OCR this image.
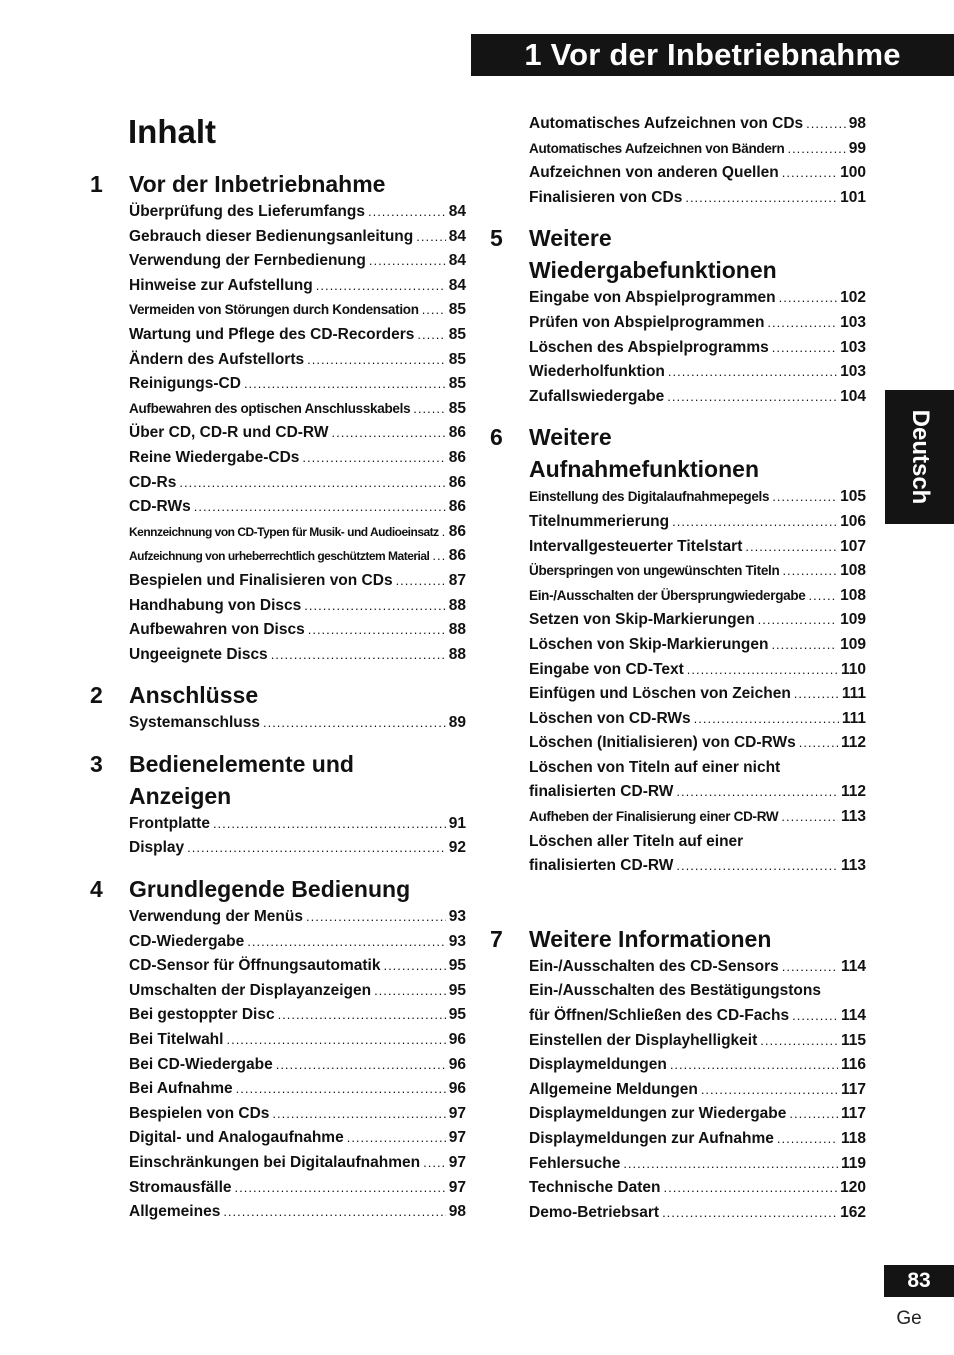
1 Vor der Inbetriebnahme
Inhalt
1	Vor der Inbetriebnahme
Überprüfung des Lieferumfangs .....	84
Gebrauch dieser Bedienungsanleitung ..... 84
Verwendung der Fernbedienung .....	84
Hinweise zur Aufstellung .....	84
Vermeiden von Störungen durch Kondensation ..... 85
Wartung und Pflege des CD-Recorders ..... 85
Ändern des Aufstellorts .....	85
Reinigungs-CD .....	85
Aufbewahren des optischen Anschlusskabels ..... 85
Über CD, CD-R und CD-RW .....	86
Reine Wiedergabe-CDs .....	86
CD-Rs .....	86
CD-RWs .....	86
Kennzeichnung von CD-Typen für Musik- und Audioeinsatz ..... 86
Aufzeichnung von urheberrechtlich geschütztem Material ..... 86
Bespielen und Finalisieren von CDs .....	87
Handhabung von Discs .....	88
Aufbewahren von Discs .....	88
Ungeeignete Discs .....	88
2	Anschlüsse
Systemanschluss .....	89
3	Bedienelemente und
Anzeigen
Frontplatte .....	91
Display .....	92
4	Grundlegende Bedienung
Verwendung der Menüs .....	93
CD-Wiedergabe .....	93
CD-Sensor für Öffnungsautomatik .....	95
Umschalten der Displayanzeigen .....	95
Bei gestoppter Disc .....	95
Bei Titelwahl .....	96
Bei CD-Wiedergabe .....	96
Bei Aufnahme .....	96
Bespielen von CDs .....	97
Digital- und Analogaufnahme .....	97
Einschränkungen bei Digitalaufnahmen ..... 97
Stromausfälle .....	97
Allgemeines .....	98
Automatisches Aufzeichnen von CDs .....	98
Automatisches Aufzeichnen von Bändern .....	99
Aufzeichnen von anderen Quellen .....	100
Finalisieren von CDs .....	101
5	Weitere
Wiedergabefunktionen
Eingabe von Abspielprogrammen .....	102
Prüfen von Abspielprogrammen .....	103
Löschen des Abspielprogramms .....	103
Wiederholfunktion .....	103
Zufallswiedergabe .....	104
6	Weitere
Aufnahmefunktionen
Einstellung des Digitalaufnahmepegels .....	105
Titelnummerierung .....	106
Intervallgesteuerter Titelstart .....	107
Überspringen von ungewünschten Titeln .....	108
Ein-/Ausschalten der Übersprungwiedergabe ..... 108
Setzen von Skip-Markierungen .....	109
Löschen von Skip-Markierungen .....	109
Eingabe von CD-Text .....	110
Einfügen und Löschen von Zeichen .....	111
Löschen von CD-RWs .....	111
Löschen (Initialisieren) von CD-RWs .....	112
Löschen von Titeln auf einer nicht
finalisierten CD-RW .....	112
Aufheben der Finalisierung einer CD-RW .....	113
Löschen aller Titeln auf einer
finalisierten CD-RW .....	113
7	Weitere Informationen
Ein-/Ausschalten des CD-Sensors .....	114
Ein-/Ausschalten des Bestätigungstons
für Öffnen/Schließen des CD-Fachs .....	114
Einstellen der Displayhelligkeit .....	115
Displaymeldungen .....	116
Allgemeine Meldungen .....	117
Displaymeldungen zur Wiedergabe .....	117
Displaymeldungen zur Aufnahme .....	118
Fehlersuche .....	119
Technische Daten .....	120
Demo-Betriebsart .....	162
Deutsch
83
Ge
